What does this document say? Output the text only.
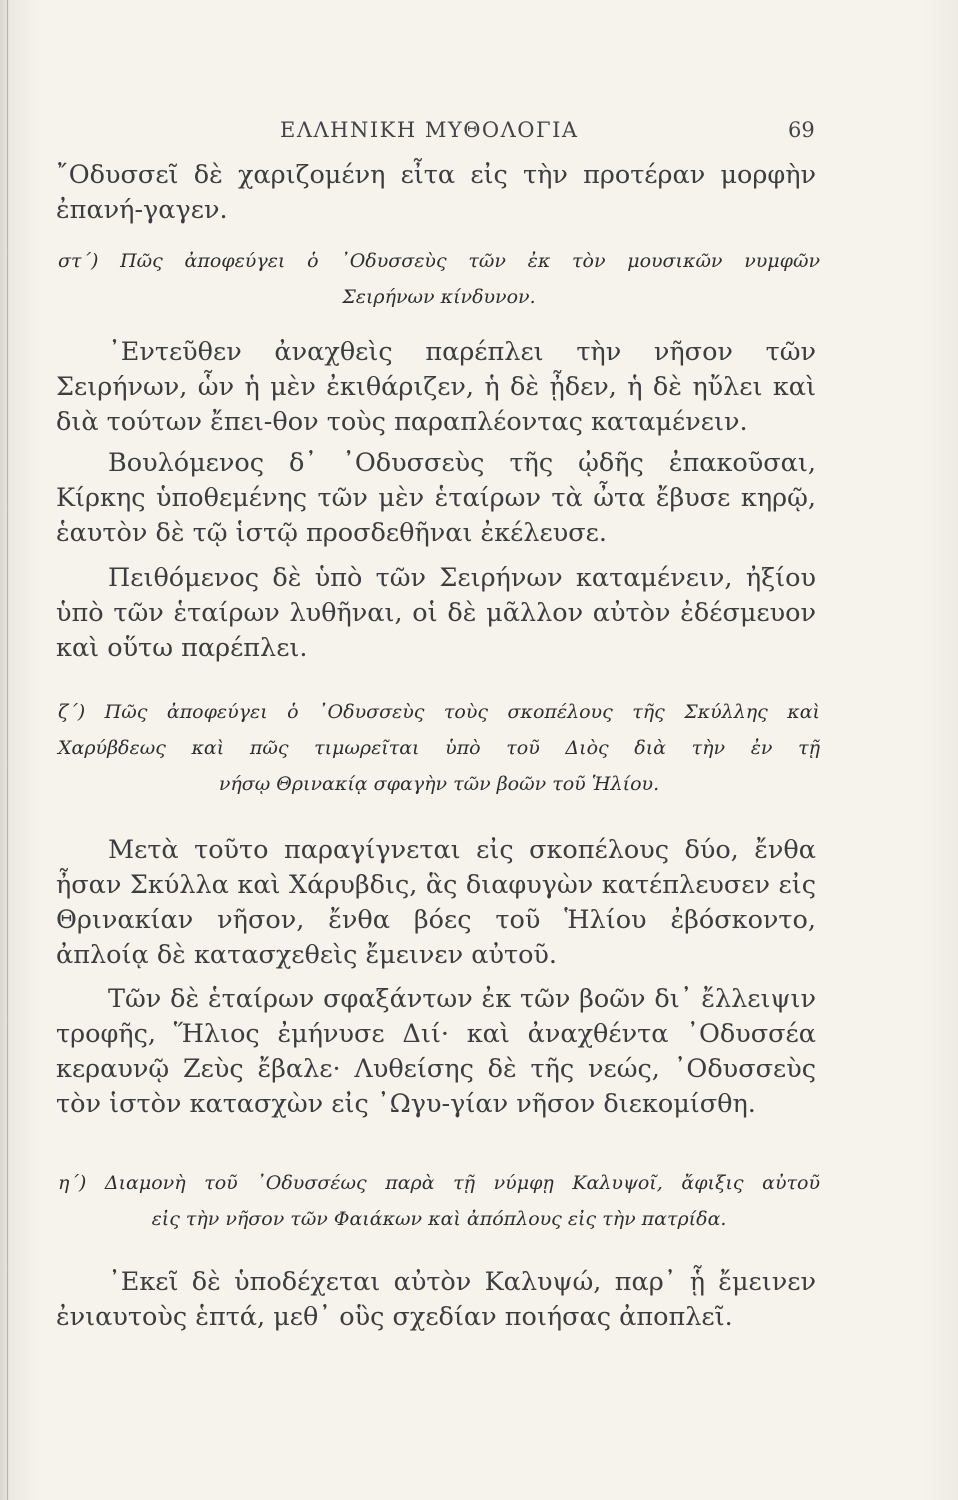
ΕΛΛΗΝΙΚΗ ΜΥΘΟΛΟΓΙΑ	69

῎Οδυσσεῖ δὲ χαριζομένη εἶτα εἰς τὴν προτέραν μορφὴν ἐπανή-γαγεν.

στ΄) Πῶς ἀποφεύγει ὁ ᾿Οδυσσεὺς τῶν ἐκ τὸν μουσικῶν νυμφῶν

Σειρήνων κίνδυνον.

᾿Εντεῦθεν ἀναχθεὶς παρέπλει τὴν νῆσον τῶν Σειρήνων, ὧν ἡ μὲν ἐκιθάριζεν, ἡ δὲ ᾖδεν, ἡ δὲ ηὔλει καὶ διὰ τούτων ἔπει-θον τοὺς παραπλέοντας καταμένειν.

Βουλόμενος δ᾿ ᾿Οδυσσεὺς τῆς ᾠδῆς ἐπακοῦσαι, Κίρκης ὑποθεμένης τῶν μὲν ἑταίρων τὰ ὦτα ἔβυσε κηρῷ, ἑαυτὸν δὲ τῷ ἱστῷ προσδεθῆναι ἐκέλευσε.

Πειθόμενος δὲ ὑπὸ τῶν Σειρήνων καταμένειν, ἠξίου ὑπὸ τῶν ἑταίρων λυθῆναι, οἱ δὲ μᾶλλον αὐτὸν ἐδέσμευον καὶ οὕτω παρέπλει.

ζ΄) Πῶς ἀποφεύγει ὁ ᾿Οδυσσεὺς τοὺς σκοπέλους τῆς Σκύλλης καὶ

Χαρύβδεως καὶ πῶς τιμωρεῖται ὑπὸ τοῦ Διὸς διὰ τὴν ἐν τῇ

νήσῳ Θρινακίᾳ σφαγὴν τῶν βοῶν τοῦ Ἡλίου.

Μετὰ τοῦτο παραγίγνεται εἰς σκοπέλους δύο, ἔνθα ἦσαν Σκύλλα καὶ Χάρυβδις, ἃς διαφυγὼν κατέπλευσεν εἰς Θρινακίαν νῆσον, ἔνθα βόες τοῦ Ἡλίου ἐβόσκοντο, ἀπλοίᾳ δὲ κατασχεθεὶς ἔμεινεν αὐτοῦ.

Τῶν δὲ ἑταίρων σφαξάντων ἐκ τῶν βοῶν δι᾿ ἔλλειψιν τροφῆς, Ἥλιος ἐμήνυσε Διί· καὶ ἀναχθέντα ᾿Οδυσσέα κεραυνῷ Ζεὺς ἔβαλε· Λυθείσης δὲ τῆς νεώς, ᾿Οδυσσεὺς τὸν ἱστὸν κατασχὼν εἰς ᾿Ωγυ-γίαν νῆσον διεκομίσθη.

η΄) Διαμονὴ τοῦ ᾿Οδυσσέως παρὰ τῇ νύμφῃ Καλυψοῖ, ἄφιξις αὐτοῦ

εἰς τὴν νῆσον τῶν Φαιάκων καὶ ἀπόπλους εἰς τὴν πατρίδα.

᾿Εκεῖ δὲ ὑποδέχεται αὐτὸν Καλυψώ, παρ᾿ ᾗ ἔμεινεν ἐνιαυτοὺς ἑπτά, μεθ᾿ οὓς σχεδίαν ποιήσας ἀποπλεῖ.
